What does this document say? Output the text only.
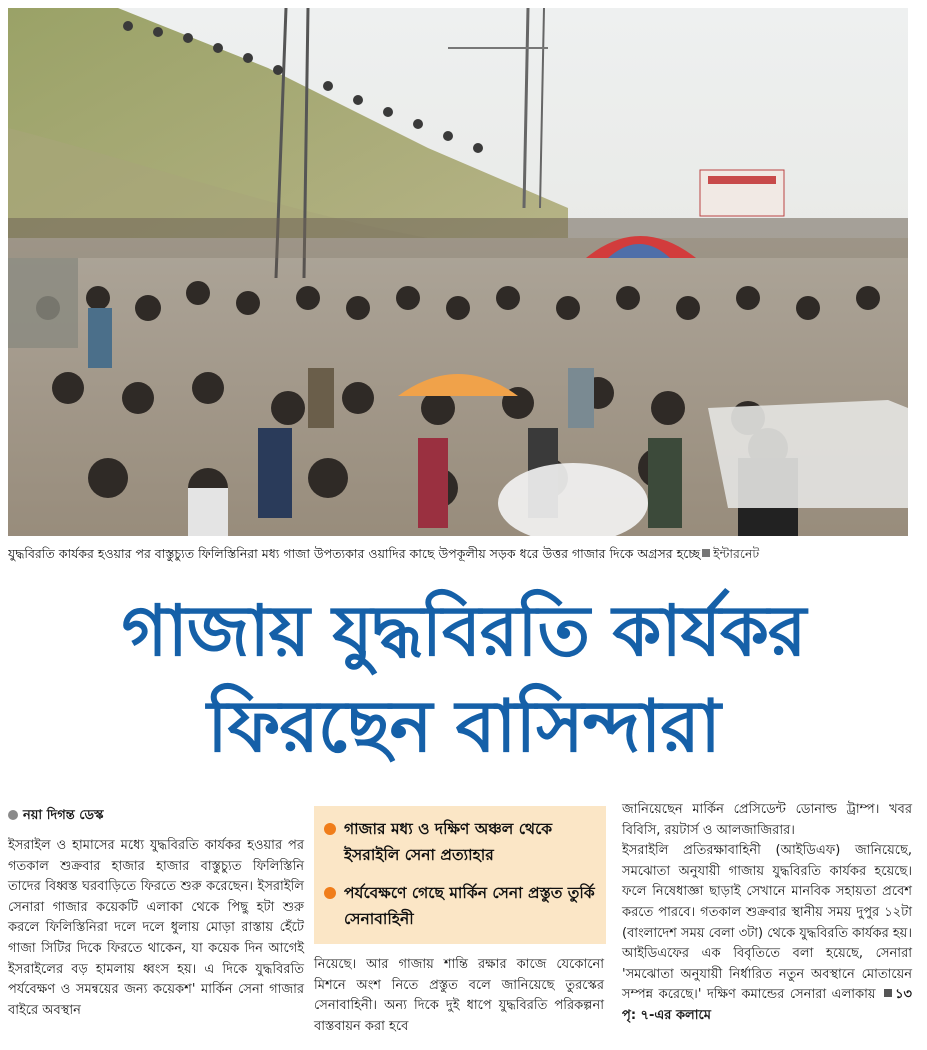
যুদ্ধবিরতি কার্যকর হওয়ার পর বাস্তুচ্যুত ফিলিস্তিনিরা মধ্য গাজা উপত্যকার ওয়াদির কাছে উপকূলীয় সড়ক ধরে উত্তর গাজার দিকে অগ্রসর হচ্ছে ইন্টারনেট
গাজায় যুদ্ধবিরতি কার্যকর
ফিরছেন বাসিন্দারা
নয়া দিগন্ত ডেস্ক

ইসরাইল ও হামাসের মধ্যে যুদ্ধবিরতি কার্যকর হওয়ার পর গতকাল শুক্রবার হাজার হাজার বাস্তুচ্যুত ফিলিস্তিনি তাদের বিধ্বস্ত ঘরবাড়িতে ফিরতে শুরু করেছেন। ইসরাইলি সেনারা গাজার কয়েকটি এলাকা থেকে পিছু হটা শুরু করলে ফিলিস্তিনিরা দলে দলে ধুলায় মোড়া রাস্তায় হেঁটে গাজা সিটির দিকে ফিরতে থাকেন, যা কয়েক দিন আগেই ইসরাইলের বড় হামলায় ধ্বংস হয়। এ দিকে যুদ্ধবিরতি পর্যবেক্ষণ ও সমন্বয়ের জন্য কয়েকশ' মার্কিন সেনা গাজার বাইরে অবস্থান

গাজার মধ্য ও দক্ষিণ অঞ্চল থেকে ইসরাইলি সেনা প্রত্যাহার
পর্যবেক্ষণে গেছে মার্কিন সেনা প্রস্তুত তুর্কি সেনাবাহিনী

নিয়েছে। আর গাজায় শান্তি রক্ষার কাজে যেকোনো মিশনে অংশ নিতে প্রস্তুত বলে জানিয়েছে তুরস্কের সেনাবাহিনী। অন্য দিকে দুই ধাপে যুদ্ধবিরতি পরিকল্পনা বাস্তবায়ন করা হবে

জানিয়েছেন মার্কিন প্রেসিডেন্ট ডোনাল্ড ট্রাম্প। খবর বিবিসি, রয়টার্স ও আলজাজিরার।

ইসরাইলি প্রতিরক্ষাবাহিনী (আইডিএফ) জানিয়েছে, সমঝোতা অনুযায়ী গাজায় যুদ্ধবিরতি কার্যকর হয়েছে। ফলে নিষেধাজ্ঞা ছাড়াই সেখানে মানবিক সহায়তা প্রবেশ করতে পারবে। গতকাল শুক্রবার স্থানীয় সময় দুপুর ১২টা (বাংলাদেশ সময় বেলা ৩টা) থেকে যুদ্ধবিরতি কার্যকর হয়। আইডিএফের এক বিবৃতিতে বলা হয়েছে, সেনারা 'সমঝোতা অনুযায়ী নির্ধারিত নতুন অবস্থানে মোতায়েন সম্পন্ন করেছে।' দক্ষিণ কমান্ডের সেনারা এলাকায় ১৩ পৃ: ৭-এর কলামে
